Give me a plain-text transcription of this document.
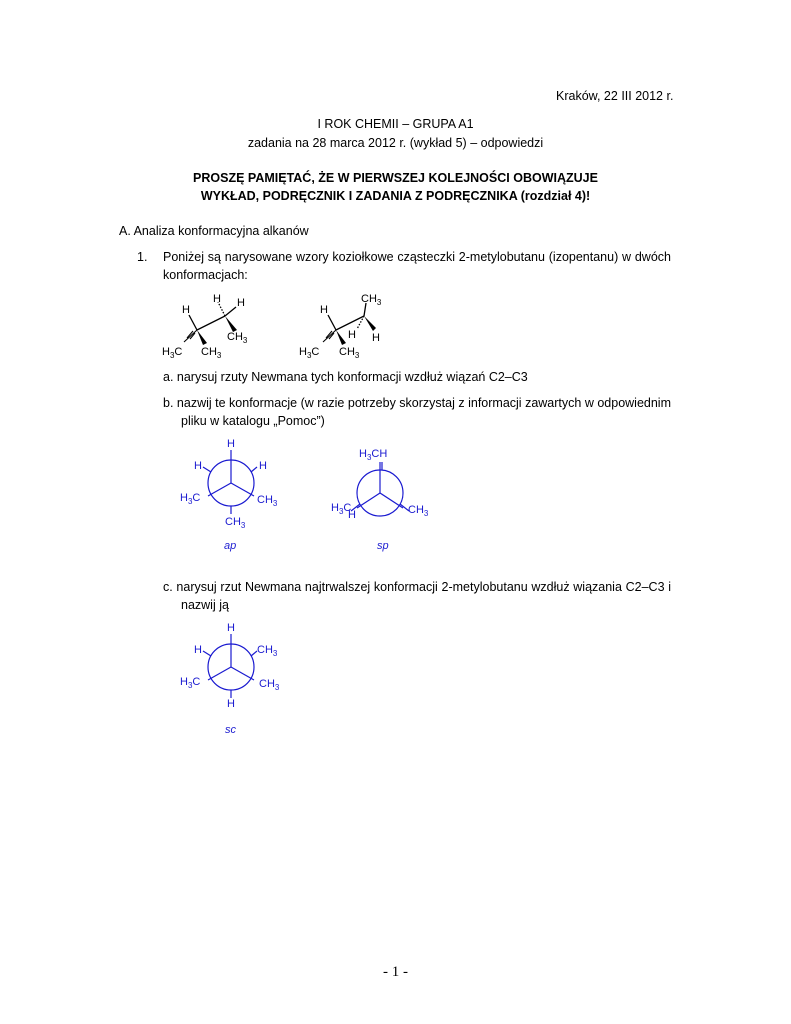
Kraków, 22 III 2012 r.
I ROK CHEMII – GRUPA A1
zadania na 28 marca 2012 r. (wykład 5) – odpowiedzi
PROSZĘ PAMIĘTAĆ, ŻE W PIERWSZEJ KOLEJNOŚCI OBOWIĄZUJE
WYKŁAD, PODRĘCZNIK I ZADANIA Z PODRĘCZNIKA (rozdział 4)!
A. Analiza konformacyjna alkanów
1. Poniżej są narysowane wzory koziołkowe cząsteczki 2-metylobutanu (izopentanu) w dwóch
konformacjach:
H H
H
$CH_3$
$H_3C$ $CH_3$
$CH_3$
H
H H
$H_3C$ $CH_3$
a. narysuj rzuty Newmana tych konformacji wzdłuż wiązań C2–C3
b. nazwij te konformacje (w razie potrzeby skorzystaj z informacji zawartych w odpowiednim
pliku w katalogu „Pomoc”)
H
H	H
$H_3C$	$CH_3$
$CH_3$
ap
$H_3CH$
$H_3C$
H	$CH_3$
sp
c. narysuj rzut Newmana najtrwalszej konformacji 2-metylobutanu wzdłuż wiązania C2–C3 i
nazwij ją
H
H	$CH_3$
$H_3C$	$CH_3$
H
sc
- 1 -
